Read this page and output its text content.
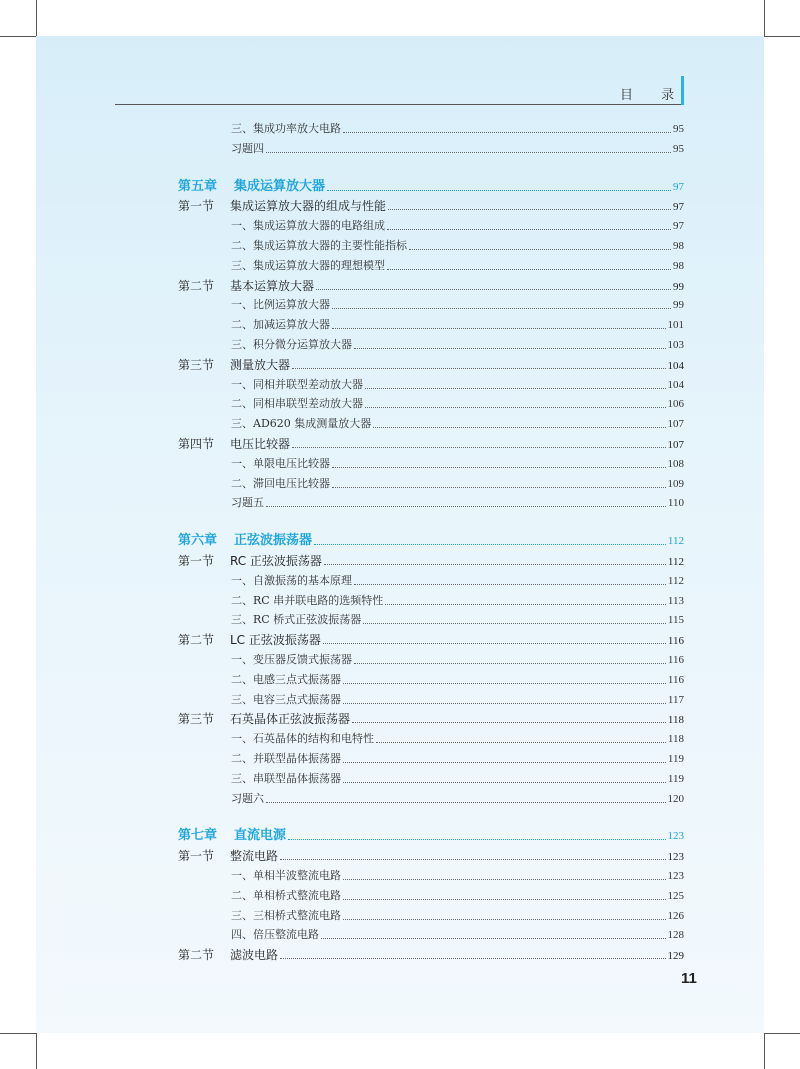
目 录
三、集成功率放大电路	95
习题四	95
第五章 集成运算放大器	97
第一节 集成运算放大器的组成与性能	97
一、集成运算放大器的电路组成	97
二、集成运算放大器的主要性能指标	98
三、集成运算放大器的理想模型	98
第二节 基本运算放大器	99
一、比例运算放大器	99
二、加减运算放大器	101
三、积分微分运算放大器	103
第三节 测量放大器	104
一、同相并联型差动放大器	104
二、同相串联型差动放大器	106
三、AD620 集成测量放大器	107
第四节 电压比较器	107
一、单限电压比较器	108
二、滞回电压比较器	109
习题五	110
第六章 正弦波振荡器	112
第一节 RC 正弦波振荡器	112
一、自激振荡的基本原理	112
二、RC 串并联电路的选频特性	113
三、RC 桥式正弦波振荡器	115
第二节 LC 正弦波振荡器	116
一、变压器反馈式振荡器	116
二、电感三点式振荡器	116
三、电容三点式振荡器	117
第三节 石英晶体正弦波振荡器	118
一、石英晶体的结构和电特性	118
二、并联型晶体振荡器	119
三、串联型晶体振荡器	119
习题六	120
第七章 直流电源	123
第一节 整流电路	123
一、单相半波整流电路	123
二、单相桥式整流电路	125
三、三相桥式整流电路	126
四、倍压整流电路	128
第二节 滤波电路	129
11
